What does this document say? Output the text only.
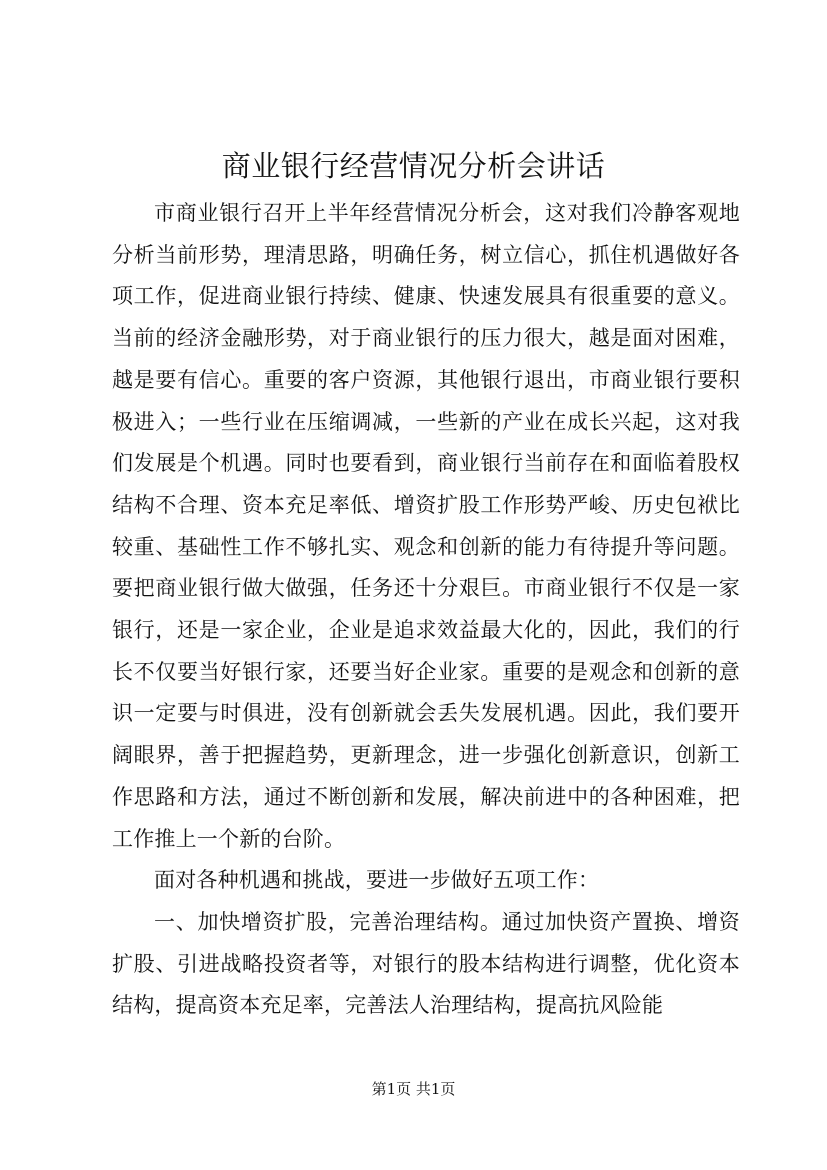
商业银行经营情况分析会讲话

市商业银行召开上半年经营情况分析会，这对我们冷静客观地分析当前形势，理清思路，明确任务，树立信心，抓住机遇做好各项工作，促进商业银行持续、健康、快速发展具有很重要的意义。当前的经济金融形势，对于商业银行的压力很大，越是面对困难，越是要有信心。重要的客户资源，其他银行退出，市商业银行要积极进入；一些行业在压缩调减，一些新的产业在成长兴起，这对我们发展是个机遇。同时也要看到，商业银行当前存在和面临着股权结构不合理、资本充足率低、增资扩股工作形势严峻、历史包袱比较重、基础性工作不够扎实、观念和创新的能力有待提升等问题。要把商业银行做大做强，任务还十分艰巨。市商业银行不仅是一家银行，还是一家企业，企业是追求效益最大化的，因此，我们的行长不仅要当好银行家，还要当好企业家。重要的是观念和创新的意识一定要与时俱进，没有创新就会丢失发展机遇。因此，我们要开阔眼界，善于把握趋势，更新理念，进一步强化创新意识，创新工作思路和方法，通过不断创新和发展，解决前进中的各种困难，把工作推上一个新的台阶。

面对各种机遇和挑战，要进一步做好五项工作：

一、加快增资扩股，完善治理结构。通过加快资产置换、增资扩股、引进战略投资者等，对银行的股本结构进行调整，优化资本结构，提高资本充足率，完善法人治理结构，提高抗风险能

第1页 共1页
